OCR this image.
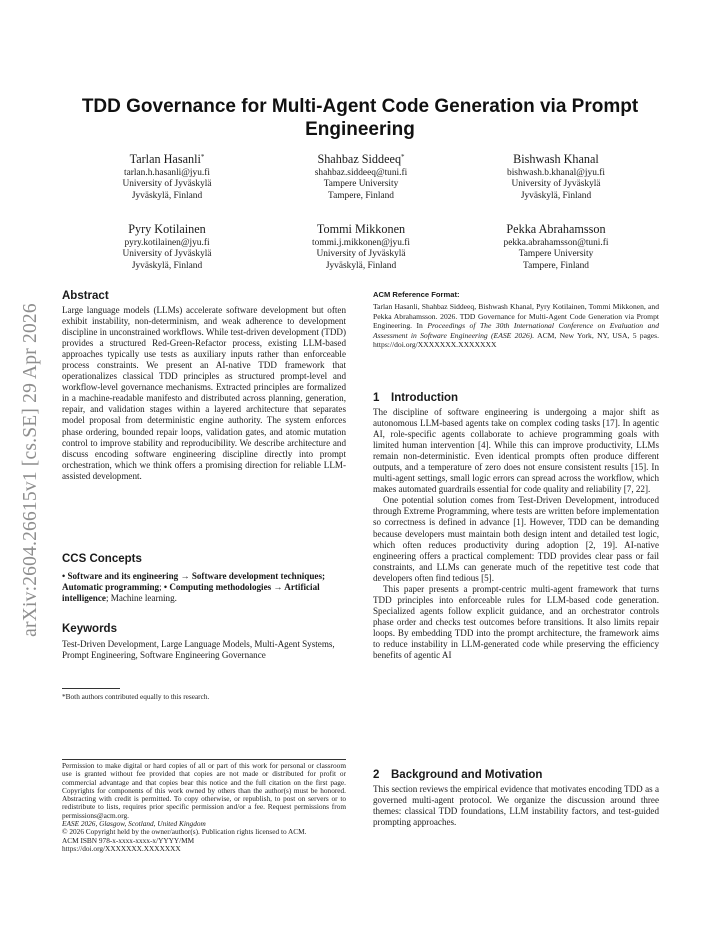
arXiv:2604.26615v1 [cs.SE] 29 Apr 2026
TDD Governance for Multi-Agent Code Generation via Prompt Engineering
Tarlan Hasanli*

tarlan.h.hasanli@jyu.fi
University of Jyväskylä
Jyväskylä, Finland
Shahbaz Siddeeq*

shahbaz.siddeeq@tuni.fi
Tampere University
Tampere, Finland
Bishwash Khanal

bishwash.b.khanal@jyu.fi
University of Jyväskylä
Jyväskylä, Finland
Pyry Kotilainen

pyry.kotilainen@jyu.fi
University of Jyväskylä
Jyväskylä, Finland
Tommi Mikkonen

tommi.j.mikkonen@jyu.fi
University of Jyväskylä
Jyväskylä, Finland
Pekka Abrahamsson

pekka.abrahamsson@tuni.fi
Tampere University
Tampere, Finland
Abstract

Large language models (LLMs) accelerate software development but often exhibit instability, non-determinism, and weak adherence to development discipline in unconstrained workflows. While test-driven development (TDD) provides a structured Red-Green-Refactor process, existing LLM-based approaches typically use tests as auxiliary inputs rather than enforceable process constraints. We present an AI-native TDD framework that operationalizes classical TDD principles as structured prompt-level and workflow-level governance mechanisms. Extracted principles are formalized in a machine-readable manifesto and distributed across planning, generation, repair, and validation stages within a layered architecture that separates model proposal from deterministic engine authority. The system enforces phase ordering, bounded repair loops, validation gates, and atomic mutation control to improve stability and reproducibility. We describe architecture and discuss encoding software engineering discipline directly into prompt orchestration, which we think offers a promising direction for reliable LLM-assisted development.

CCS Concepts

• Software and its engineering → Software development techniques; Automatic programming; • Computing methodologies → Artificial intelligence; Machine learning.

Keywords

Test-Driven Development, Large Language Models, Multi-Agent Systems, Prompt Engineering, Software Engineering Governance

*Both authors contributed equally to this research.

Permission to make digital or hard copies of all or part of this work for personal or classroom use is granted without fee provided that copies are not made or distributed for profit or commercial advantage and that copies bear this notice and the full citation on the first page. Copyrights for components of this work owned by others than the author(s) must be honored. Abstracting with credit is permitted. To copy otherwise, or republish, to post on servers or to redistribute to lists, requires prior specific permission and/or a fee. Request permissions from permissions@acm.org.

EASE 2026, Glasgow, Scotland, United Kingdom

© 2026 Copyright held by the owner/author(s). Publication rights licensed to ACM.

ACM ISBN 978-x-xxxx-xxxx-x/YYYY/MM

https://doi.org/XXXXXXX.XXXXXXX

ACM Reference Format:

Tarlan Hasanli, Shahbaz Siddeeq, Bishwash Khanal, Pyry Kotilainen, Tommi Mikkonen, and Pekka Abrahamsson. 2026. TDD Governance for Multi-Agent Code Generation via Prompt Engineering. In Proceedings of The 30th International Conference on Evaluation and Assessment in Software Engineering (EASE 2026). ACM, New York, NY, USA, 5 pages. https://doi.org/XXXXXXX.XXXXXXX

1 Introduction

The discipline of software engineering is undergoing a major shift as autonomous LLM-based agents take on complex coding tasks [17]. In agentic AI, role-specific agents collaborate to achieve programming goals with limited human intervention [4]. While this can improve productivity, LLMs remain non-deterministic. Even identical prompts often produce different outputs, and a temperature of zero does not ensure consistent results [15]. In multi-agent settings, small logic errors can spread across the workflow, which makes automated guardrails essential for code quality and reliability [7, 22].

One potential solution comes from Test-Driven Development, introduced through Extreme Programming, where tests are written before implementation so correctness is defined in advance [1]. However, TDD can be demanding because developers must maintain both design intent and detailed test logic, which often reduces productivity during adoption [2, 19]. AI-native engineering offers a practical complement: TDD provides clear pass or fail constraints, and LLMs can generate much of the repetitive test code that developers often find tedious [5].

This paper presents a prompt-centric multi-agent framework that turns TDD principles into enforceable rules for LLM-based code generation. Specialized agents follow explicit guidance, and an orchestrator controls phase order and checks test outcomes before transitions. It also limits repair loops. By embedding TDD into the prompt architecture, the framework aims to reduce instability in LLM-generated code while preserving the efficiency benefits of agentic AI

2 Background and Motivation

This section reviews the empirical evidence that motivates encoding TDD as a governed multi-agent protocol. We organize the discussion around three themes: classical TDD foundations, LLM instability factors, and test-guided prompting approaches.
